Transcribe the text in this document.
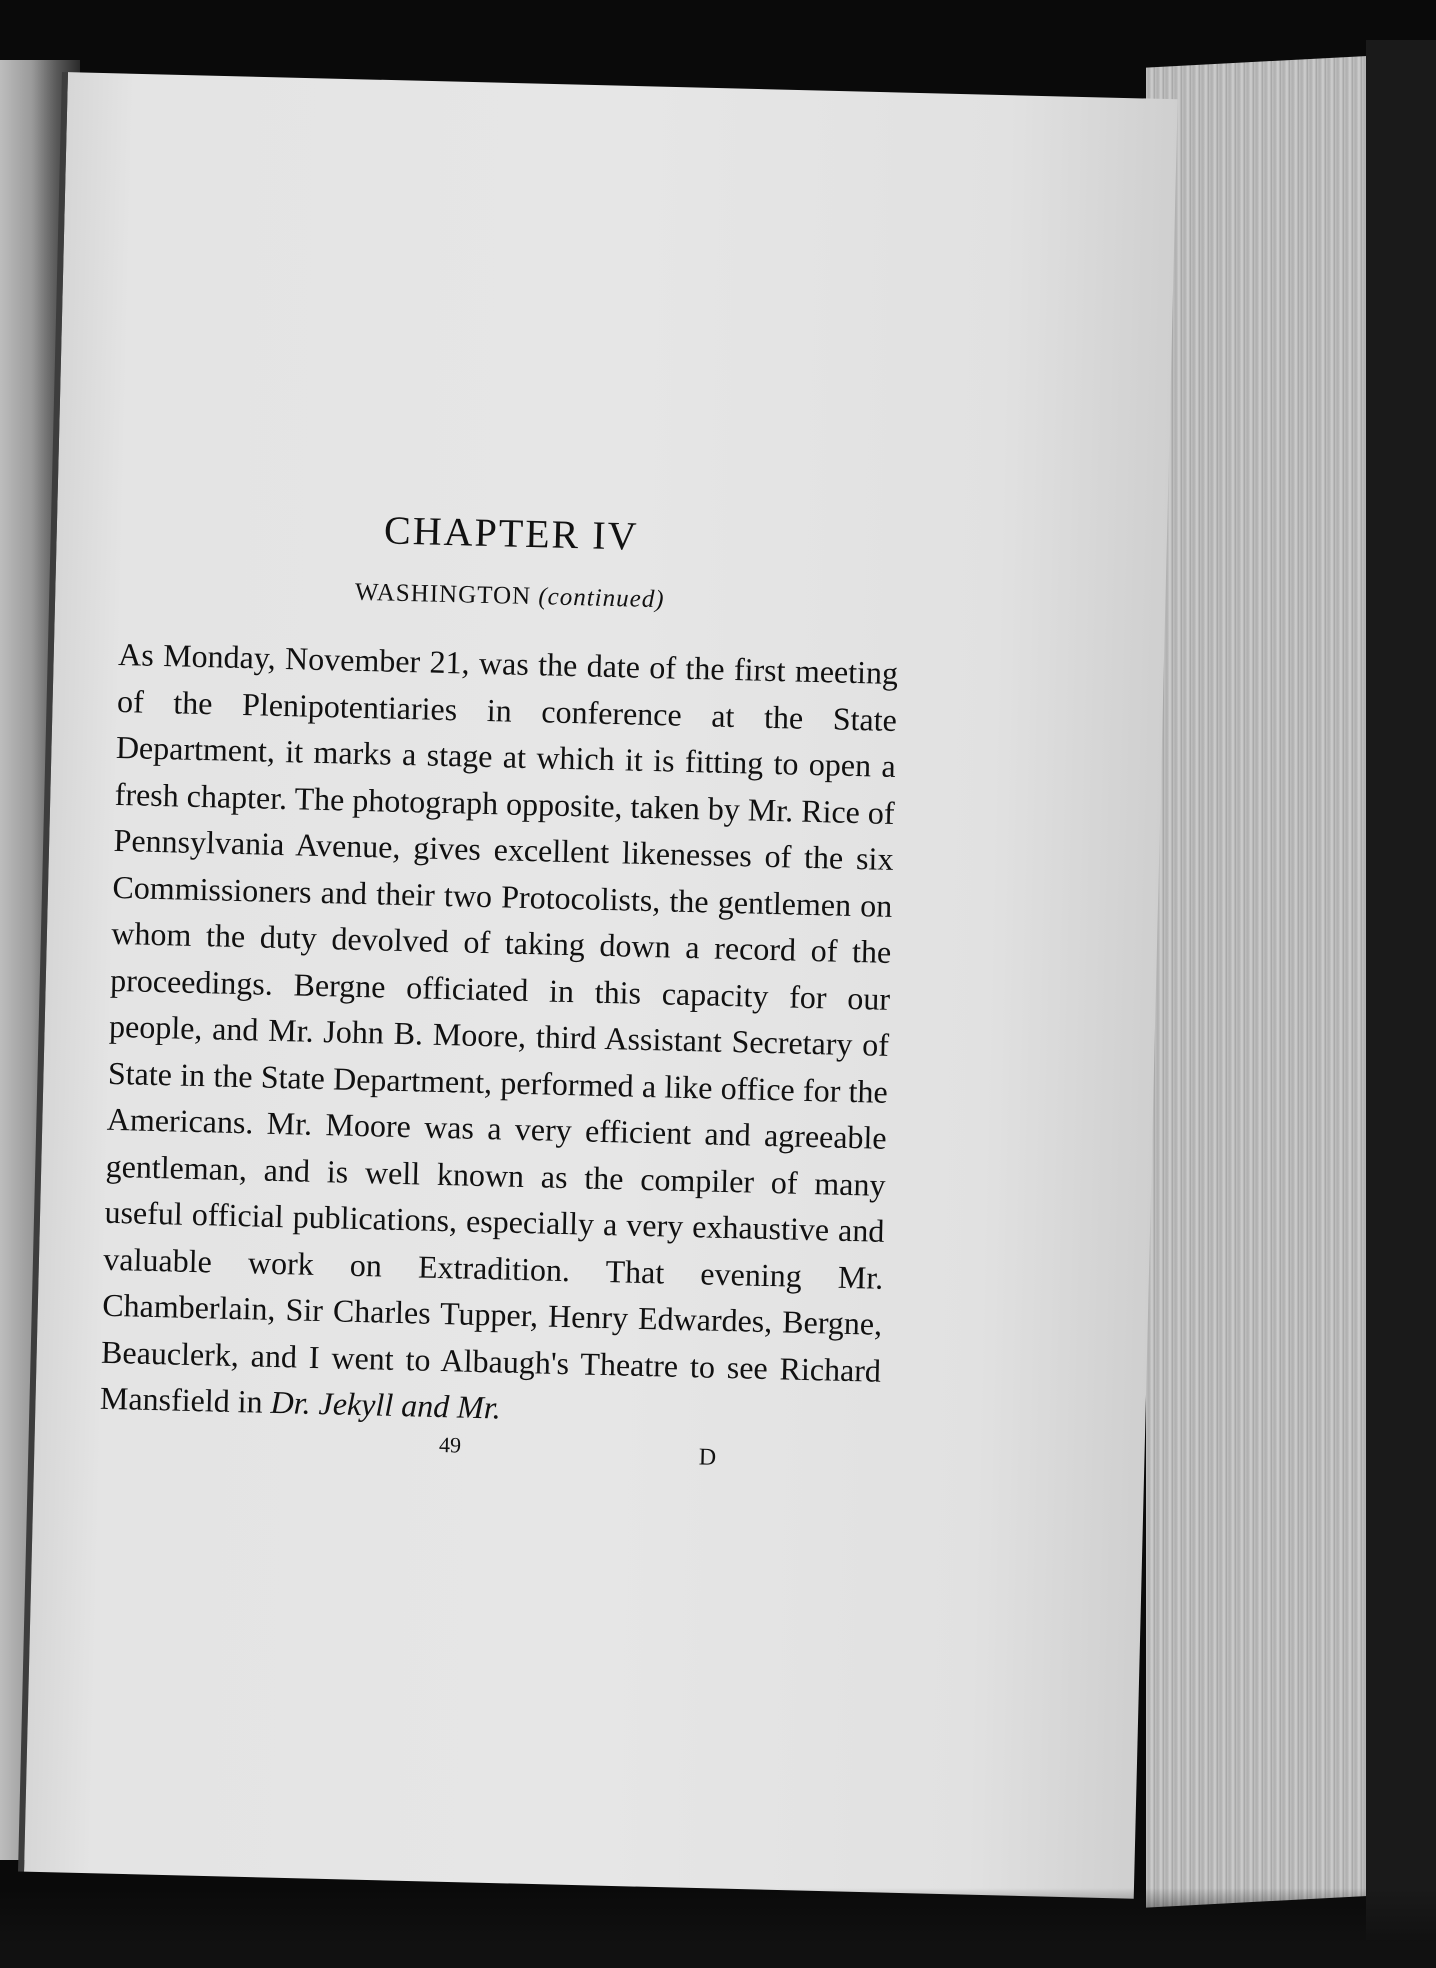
CHAPTER IV
WASHINGTON (continued)

As Monday, November 21, was the date of the first meeting of the Plenipotentiaries in conference at the State Department, it marks a stage at which it is fitting to open a fresh chapter. The photograph opposite, taken by Mr. Rice of Pennsylvania Avenue, gives excellent likenesses of the six Commissioners and their two Protocolists, the gentlemen on whom the duty devolved of taking down a record of the proceedings. Bergne officiated in this capacity for our people, and Mr. John B. Moore, third Assistant Secretary of State in the State Department, performed a like office for the Americans. Mr. Moore was a very efficient and agreeable gentleman, and is well known as the compiler of many useful official publications, especially a very exhaustive and valuable work on Extradition. That evening Mr. Chamberlain, Sir Charles Tupper, Henry Edwardes, Bergne, Beauclerk, and I went to Albaugh's Theatre to see Richard Mansfield in Dr. Jekyll and Mr.

49	D
